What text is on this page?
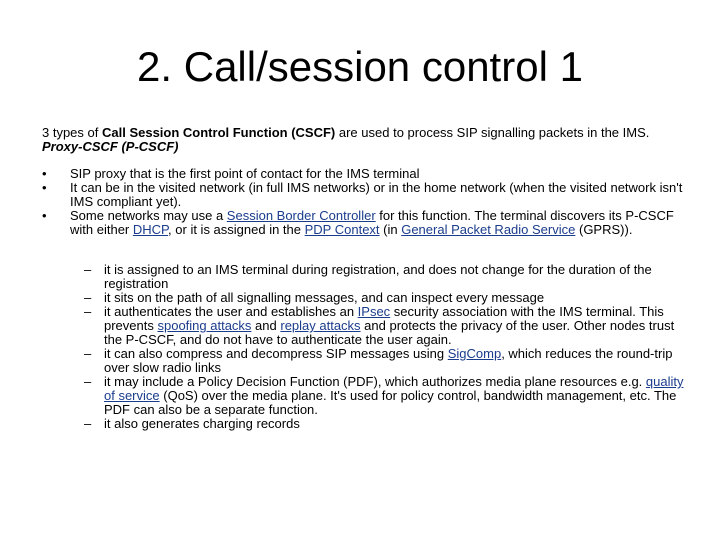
2. Call/session control 1

3 types of Call Session Control Function (CSCF) are used to process SIP signalling packets in the IMS.

Proxy-CSCF (P-CSCF)

•	SIP proxy that is the first point of contact for the IMS terminal
•	It can be in the visited network (in full IMS networks) or in the home network (when the visited network isn't IMS compliant yet).
•	Some networks may use a Session Border Controller for this function. The terminal discovers its P-CSCF with either DHCP, or it is assigned in the PDP Context (in General Packet Radio Service (GPRS)).
– it is assigned to an IMS terminal during registration, and does not change for the duration of the registration
– it sits on the path of all signalling messages, and can inspect every message
– it authenticates the user and establishes an IPsec security association with the IMS terminal. This prevents spoofing attacks and replay attacks and protects the privacy of the user. Other nodes trust the P-CSCF, and do not have to authenticate the user again.
– it can also compress and decompress SIP messages using SigComp, which reduces the round-trip over slow radio links
– it may include a Policy Decision Function (PDF), which authorizes media plane resources e.g. quality of service (QoS) over the media plane. It's used for policy control, bandwidth management, etc. The PDF can also be a separate function.
– it also generates charging records
